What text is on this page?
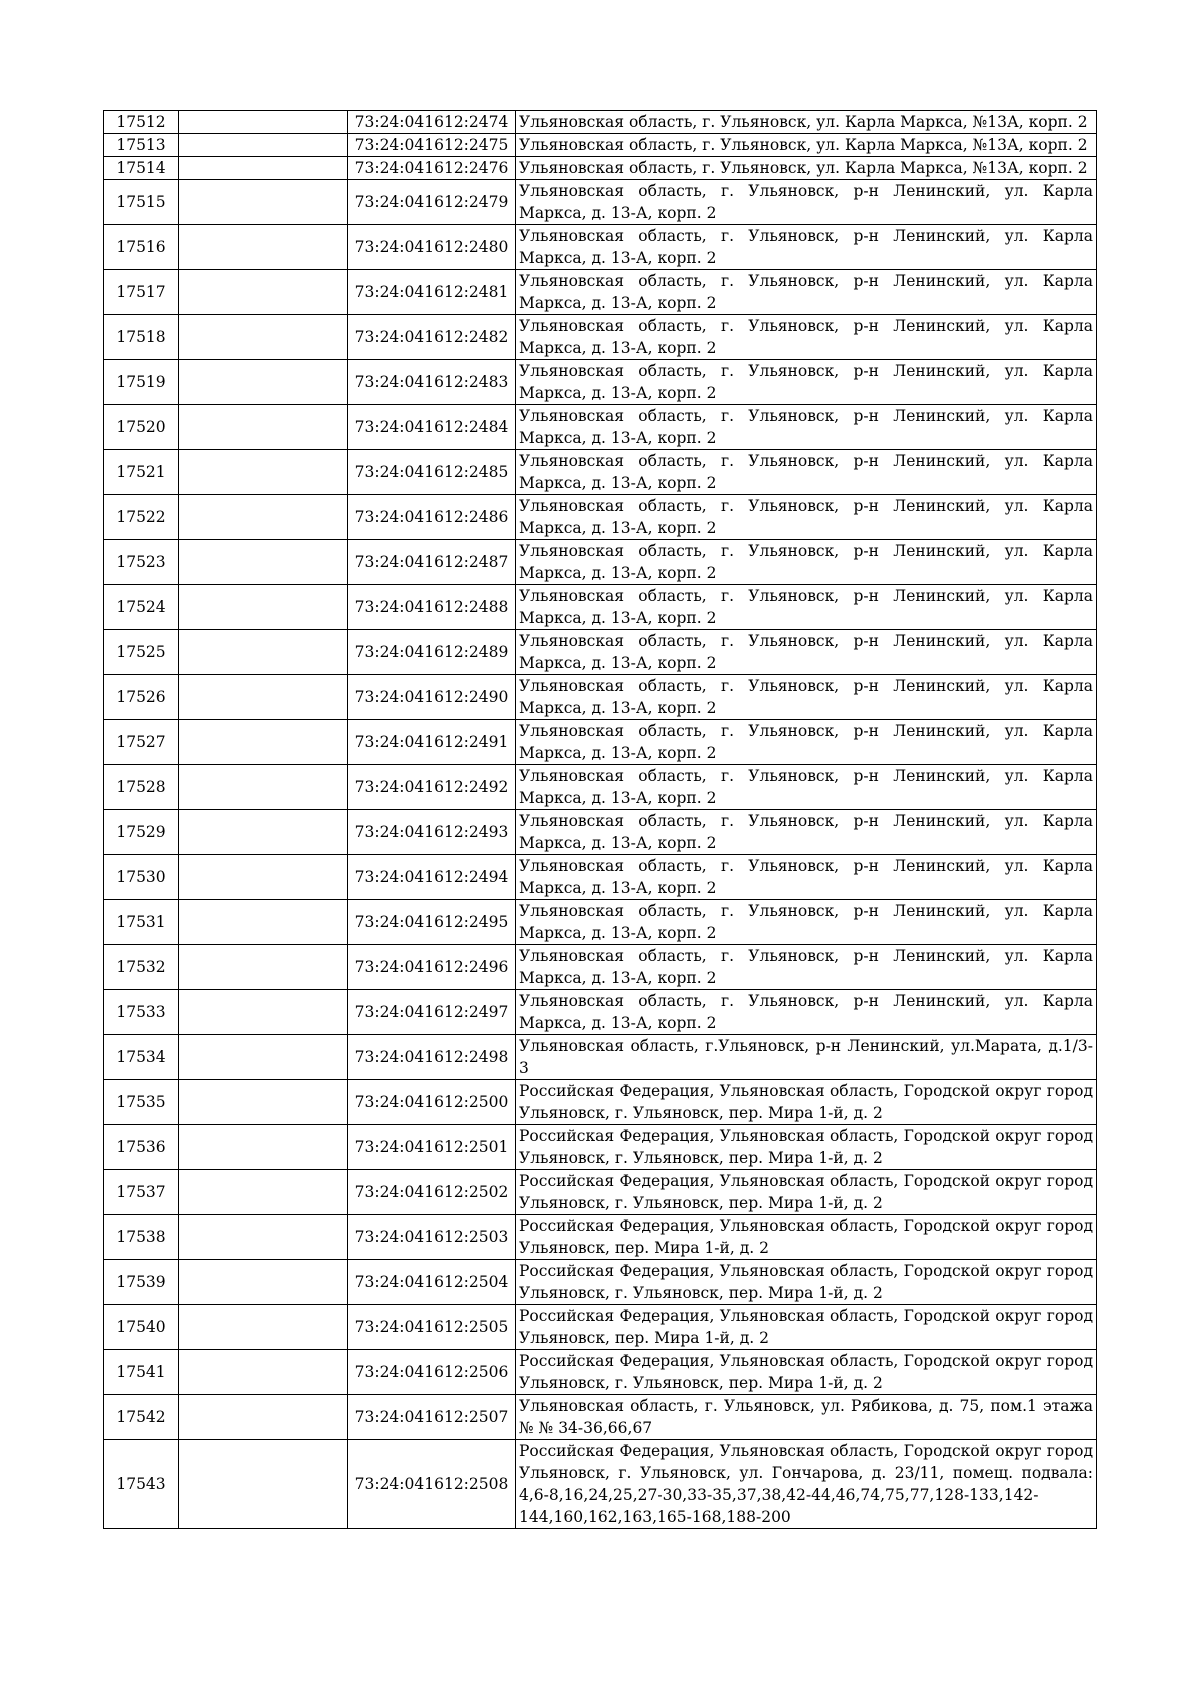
17512		73:24:041612:2474	Ульяновская область, г. Ульяновск, ул. Карла Маркса, №13А, корп. 2
17513		73:24:041612:2475	Ульяновская область, г. Ульяновск, ул. Карла Маркса, №13А, корп. 2
17514		73:24:041612:2476	Ульяновская область, г. Ульяновск, ул. Карла Маркса, №13А, корп. 2
17515		73:24:041612:2479	Ульяновская область, г. Ульяновск, р-н Ленинский, ул. Карла Маркса, д. 13-А, корп. 2
17516		73:24:041612:2480	Ульяновская область, г. Ульяновск, р-н Ленинский, ул. Карла Маркса, д. 13-А, корп. 2
17517		73:24:041612:2481	Ульяновская область, г. Ульяновск, р-н Ленинский, ул. Карла Маркса, д. 13-А, корп. 2
17518		73:24:041612:2482	Ульяновская область, г. Ульяновск, р-н Ленинский, ул. Карла Маркса, д. 13-А, корп. 2
17519		73:24:041612:2483	Ульяновская область, г. Ульяновск, р-н Ленинский, ул. Карла Маркса, д. 13-А, корп. 2
17520		73:24:041612:2484	Ульяновская область, г. Ульяновск, р-н Ленинский, ул. Карла Маркса, д. 13-А, корп. 2
17521		73:24:041612:2485	Ульяновская область, г. Ульяновск, р-н Ленинский, ул. Карла Маркса, д. 13-А, корп. 2
17522		73:24:041612:2486	Ульяновская область, г. Ульяновск, р-н Ленинский, ул. Карла Маркса, д. 13-А, корп. 2
17523		73:24:041612:2487	Ульяновская область, г. Ульяновск, р-н Ленинский, ул. Карла Маркса, д. 13-А, корп. 2
17524		73:24:041612:2488	Ульяновская область, г. Ульяновск, р-н Ленинский, ул. Карла Маркса, д. 13-А, корп. 2
17525		73:24:041612:2489	Ульяновская область, г. Ульяновск, р-н Ленинский, ул. Карла Маркса, д. 13-А, корп. 2
17526		73:24:041612:2490	Ульяновская область, г. Ульяновск, р-н Ленинский, ул. Карла Маркса, д. 13-А, корп. 2
17527		73:24:041612:2491	Ульяновская область, г. Ульяновск, р-н Ленинский, ул. Карла Маркса, д. 13-А, корп. 2
17528		73:24:041612:2492	Ульяновская область, г. Ульяновск, р-н Ленинский, ул. Карла Маркса, д. 13-А, корп. 2
17529		73:24:041612:2493	Ульяновская область, г. Ульяновск, р-н Ленинский, ул. Карла Маркса, д. 13-А, корп. 2
17530		73:24:041612:2494	Ульяновская область, г. Ульяновск, р-н Ленинский, ул. Карла Маркса, д. 13-А, корп. 2
17531		73:24:041612:2495	Ульяновская область, г. Ульяновск, р-н Ленинский, ул. Карла Маркса, д. 13-А, корп. 2
17532		73:24:041612:2496	Ульяновская область, г. Ульяновск, р-н Ленинский, ул. Карла Маркса, д. 13-А, корп. 2
17533		73:24:041612:2497	Ульяновская область, г. Ульяновск, р-н Ленинский, ул. Карла Маркса, д. 13-А, корп. 2
17534		73:24:041612:2498	Ульяновская область, г.Ульяновск, р-н Ленинский, ул.Марата, д.1/3-3
17535		73:24:041612:2500	Российская Федерация, Ульяновская область, Городской округ город Ульяновск, г. Ульяновск, пер. Мира 1-й, д. 2
17536		73:24:041612:2501	Российская Федерация, Ульяновская область, Городской округ город Ульяновск, г. Ульяновск, пер. Мира 1-й, д. 2
17537		73:24:041612:2502	Российская Федерация, Ульяновская область, Городской округ город Ульяновск, г. Ульяновск, пер. Мира 1-й, д. 2
17538		73:24:041612:2503	Российская Федерация, Ульяновская область, Городской округ город Ульяновск, пер. Мира 1-й, д. 2
17539		73:24:041612:2504	Российская Федерация, Ульяновская область, Городской округ город Ульяновск, г. Ульяновск, пер. Мира 1-й, д. 2
17540		73:24:041612:2505	Российская Федерация, Ульяновская область, Городской округ город Ульяновск, пер. Мира 1-й, д. 2
17541		73:24:041612:2506	Российская Федерация, Ульяновская область, Городской округ город Ульяновск, г. Ульяновск, пер. Мира 1-й, д. 2
17542		73:24:041612:2507	Ульяновская область, г. Ульяновск, ул. Рябикова, д. 75, пом.1 этажа № № 34-36,66,67
17543		73:24:041612:2508	Российская Федерация, Ульяновская область, Городской округ город Ульяновск, г. Ульяновск, ул. Гончарова, д. 23/11, помещ. подвала: 4,6-8,16,24,25,27-30,33-35,37,38,42-44,46,74,75,77,128-133,142-144,160,162,163,165-168,188-200
